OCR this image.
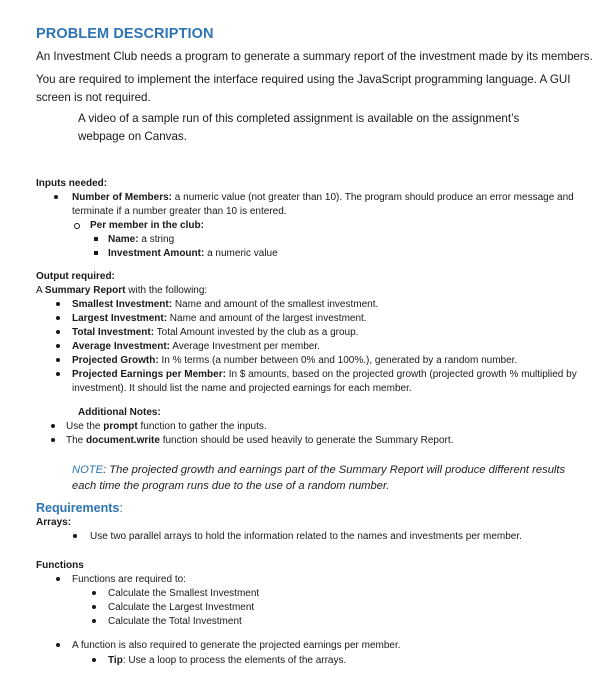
PROBLEM DESCRIPTION
An Investment Club needs a program to generate a summary report of the investment made by its members.
You are required to implement the interface required using the JavaScript programming language. A GUI screen is not required.
A video of a sample run of this completed assignment is available on the assignment’s webpage on Canvas.
Inputs needed:
Number of Members: a numeric value (not greater than 10). The program should produce an error message and terminate if a number greater than 10 is entered.
Per member in the club:
Name: a string
Investment Amount: a numeric value
Output required:
A Summary Report with the following:
Smallest Investment: Name and amount of the smallest investment.
Largest Investment: Name and amount of the largest investment.
Total Investment: Total Amount invested by the club as a group.
Average Investment: Average Investment per member.
Projected Growth: In % terms (a number between 0% and 100%.), generated by a random number.
Projected Earnings per Member: In $ amounts, based on the projected growth (projected growth % multiplied by investment). It should list the name and projected earnings for each member.
Additional Notes:
Use the prompt function to gather the inputs.
The document.write function should be used heavily to generate the Summary Report.
NOTE: The projected growth and earnings part of the Summary Report will produce different results each time the program runs due to the use of a random number.
Requirements:
Arrays:
Use two parallel arrays to hold the information related to the names and investments per member.
Functions
Functions are required to:
Calculate the Smallest Investment
Calculate the Largest Investment
Calculate the Total Investment
A function is also required to generate the projected earnings per member.
Tip: Use a loop to process the elements of the arrays.
